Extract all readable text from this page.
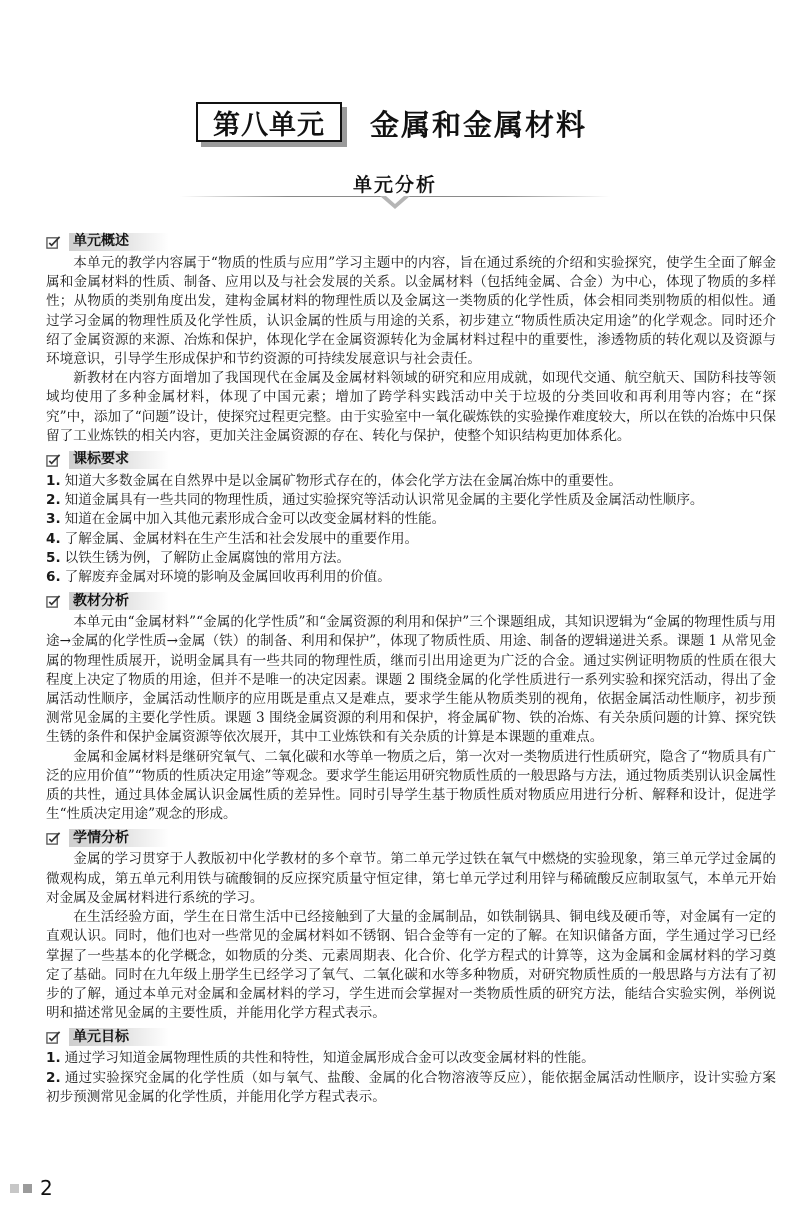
第八单元	金属和金属材料
单元分析
单元概述

本单元的教学内容属于“物质的性质与应用”学习主题中的内容，旨在通过系统的介绍和实验探究，使学生全面了解金属和金属材料的性质、制备、应用以及与社会发展的关系。以金属材料（包括纯金属、合金）为中心，体现了物质的多样性；从物质的类别角度出发，建构金属材料的物理性质以及金属这一类物质的化学性质，体会相同类别物质的相似性。通过学习金属的物理性质及化学性质，认识金属的性质与用途的关系，初步建立“物质性质决定用途”的化学观念。同时还介绍了金属资源的来源、冶炼和保护，体现化学在金属资源转化为金属材料过程中的重要性，渗透物质的转化观以及资源与环境意识，引导学生形成保护和节约资源的可持续发展意识与社会责任。

新教材在内容方面增加了我国现代在金属及金属材料领域的研究和应用成就，如现代交通、航空航天、国防科技等领域均使用了多种金属材料，体现了中国元素；增加了跨学科实践活动中关于垃圾的分类回收和再利用等内容；在“探究”中，添加了“问题”设计，使探究过程更完整。由于实验室中一氧化碳炼铁的实验操作难度较大，所以在铁的冶炼中只保留了工业炼铁的相关内容，更加关注金属资源的存在、转化与保护，使整个知识结构更加体系化。

课标要求

1. 知道大多数金属在自然界中是以金属矿物形式存在的，体会化学方法在金属冶炼中的重要性。

2. 知道金属具有一些共同的物理性质，通过实验探究等活动认识常见金属的主要化学性质及金属活动性顺序。

3. 知道在金属中加入其他元素形成合金可以改变金属材料的性能。

4. 了解金属、金属材料在生产生活和社会发展中的重要作用。

5. 以铁生锈为例，了解防止金属腐蚀的常用方法。

6. 了解废弃金属对环境的影响及金属回收再利用的价值。

教材分析

本单元由“金属材料”“金属的化学性质”和“金属资源的利用和保护”三个课题组成，其知识逻辑为“金属的物理性质与用途→金属的化学性质→金属（铁）的制备、利用和保护”，体现了物质性质、用途、制备的逻辑递进关系。课题 1 从常见金属的物理性质展开，说明金属具有一些共同的物理性质，继而引出用途更为广泛的合金。通过实例证明物质的性质在很大程度上决定了物质的用途，但并不是唯一的决定因素。课题 2 围绕金属的化学性质进行一系列实验和探究活动，得出了金属活动性顺序，金属活动性顺序的应用既是重点又是难点，要求学生能从物质类别的视角，依据金属活动性顺序，初步预测常见金属的主要化学性质。课题 3 围绕金属资源的利用和保护，将金属矿物、铁的冶炼、有关杂质问题的计算、探究铁生锈的条件和保护金属资源等依次展开，其中工业炼铁和有关杂质的计算是本课题的重难点。

金属和金属材料是继研究氧气、二氧化碳和水等单一物质之后，第一次对一类物质进行性质研究，隐含了“物质具有广泛的应用价值”“物质的性质决定用途”等观念。要求学生能运用研究物质性质的一般思路与方法，通过物质类别认识金属性质的共性，通过具体金属认识金属性质的差异性。同时引导学生基于物质性质对物质应用进行分析、解释和设计，促进学生“性质决定用途”观念的形成。

学情分析

金属的学习贯穿于人教版初中化学教材的多个章节。第二单元学过铁在氧气中燃烧的实验现象，第三单元学过金属的微观构成，第五单元利用铁与硫酸铜的反应探究质量守恒定律，第七单元学过利用锌与稀硫酸反应制取氢气，本单元开始对金属及金属材料进行系统的学习。

在生活经验方面，学生在日常生活中已经接触到了大量的金属制品，如铁制锅具、铜电线及硬币等，对金属有一定的直观认识。同时，他们也对一些常见的金属材料如不锈钢、铝合金等有一定的了解。在知识储备方面，学生通过学习已经掌握了一些基本的化学概念，如物质的分类、元素周期表、化合价、化学方程式的计算等，这为金属和金属材料的学习奠定了基础。同时在九年级上册学生已经学习了氧气、二氧化碳和水等多种物质，对研究物质性质的一般思路与方法有了初步的了解，通过本单元对金属和金属材料的学习，学生进而会掌握对一类物质性质的研究方法，能结合实验实例，举例说明和描述常见金属的主要性质，并能用化学方程式表示。

单元目标

1. 通过学习知道金属物理性质的共性和特性，知道金属形成合金可以改变金属材料的性能。

2. 通过实验探究金属的化学性质（如与氧气、盐酸、金属的化合物溶液等反应），能依据金属活动性顺序，设计实验方案初步预测常见金属的化学性质，并能用化学方程式表示。

2
